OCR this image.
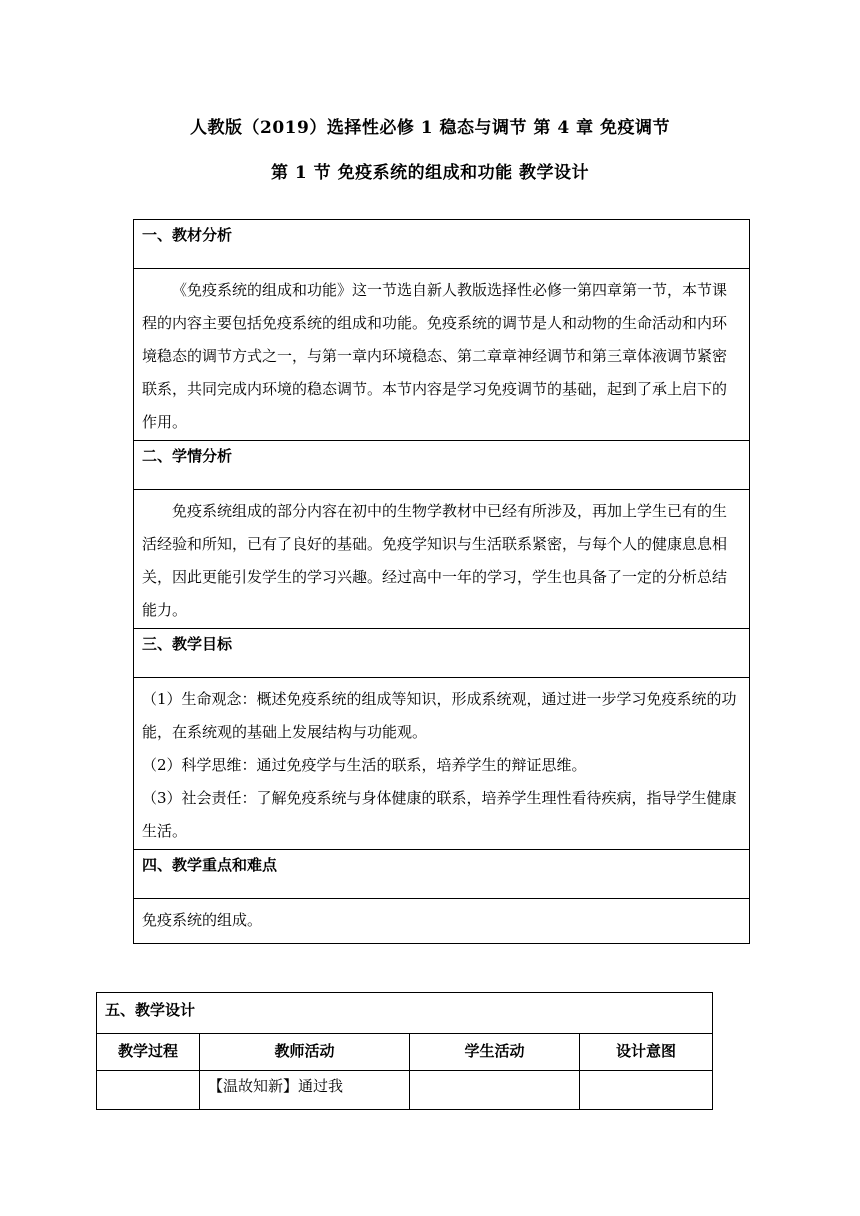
人教版（2019）选择性必修 1 稳态与调节 第 4 章 免疫调节
第 1 节 免疫系统的组成和功能 教学设计
一、教材分析

《免疫系统的组成和功能》这一节选自新人教版选择性必修一第四章第一节，本节课程的内容主要包括免疫系统的组成和功能。免疫系统的调节是人和动物的生命活动和内环境稳态的调节方式之一，与第一章内环境稳态、第二章章神经调节和第三章体液调节紧密联系，共同完成内环境的稳态调节。本节内容是学习免疫调节的基础，起到了承上启下的作用。

二、学情分析

免疫系统组成的部分内容在初中的生物学教材中已经有所涉及，再加上学生已有的生活经验和所知，已有了良好的基础。免疫学知识与生活联系紧密，与每个人的健康息息相关，因此更能引发学生的学习兴趣。经过高中一年的学习，学生也具备了一定的分析总结能力。

三、教学目标

（1）生命观念：概述免疫系统的组成等知识，形成系统观，通过进一步学习免疫系统的功能，在系统观的基础上发展结构与功能观。

（2）科学思维：通过免疫学与生活的联系，培养学生的辩证思维。

（3）社会责任：了解免疫系统与身体健康的联系，培养学生理性看待疾病，指导学生健康生活。

四、教学重点和难点
免疫系统的组成。
五、教学设计			
教学过程	教师活动	学生活动	设计意图
	【温故知新】通过我		
